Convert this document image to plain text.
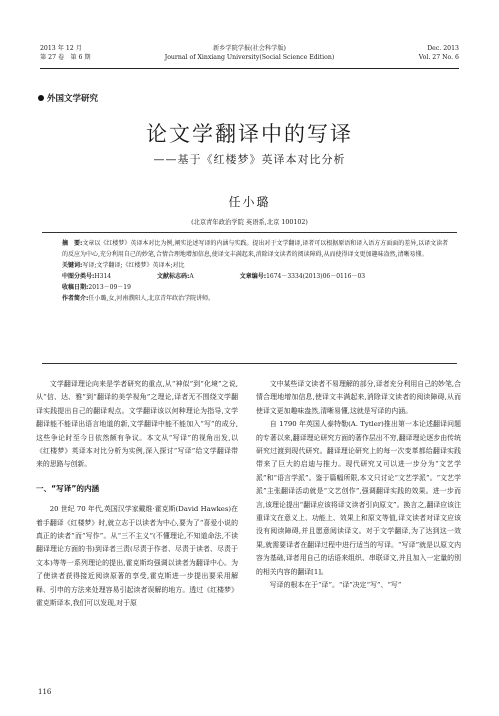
2013 年 12 月
第 27 卷　第 6 期
新乡学院学报(社会科学版)
Journal of Xinxiang University(Social Science Edition)
Dec. 2013
Vol. 27 No. 6
外国文学研究
论文学翻译中的写译
——基于《红楼梦》英译本对比分析
任小璐
(北京青年政治学院 英语系,北京 100102)

摘　要:文章以《红楼梦》英译本对比为例,阐实论述写译的内涵与实践。提出对于文学翻译,译者可以根据原语和译入语方方面面的差异,以译文读者的反应为中心,充分利用自己的妙笔,合情合理地增加信息,使译文丰满起来,消除译文读者的阅读障碍,从而使得译文更加趣味盎然,清晰易懂。

关键词:写译;文学翻译;《红楼梦》英译本;对比

中图分类号:H314	文献标志码:A	文章编号:1674－3334(2013)06－0116－03

收稿日期:2013－09－19

作者简介:任小璐,女,河南濮阳人,北京青年政治学院讲师。

文学翻译理论向来是学者研究的重点,从“神似”到“化境”之说,从“信、达、雅”到“翻译的美学视角”之理论,译者无不围绕文学翻译实践提出自己的翻译观点。文学翻译该以何种理论为指导,文学翻译能不能译出语言地道的新,文学翻译中能不能加入“写”的成分,这些争论时至今日依然颇有争议。本文从“写译”的视角出发,以《红楼梦》英译本对比分析为实例,深入探讨“写译”给文学翻译带来的思路与创新。

一、“写译”的内涵

20 世纪 70 年代,英国汉学家戴维·霍克斯(David Hawkes)在着手翻译《红楼梦》时,就立志于以读者为中心,要为了“喜爱小说的真正的读者”而“写作”。从“三不主义”(不懂理论,不知道命法,不读翻译理论方面的书)到译者三责(尽责于作者、尽责于读者、尽责于文本)等等一系列理论的提出,霍克斯均强调以读者为翻译中心。为了使读者获得接近阅读原著的享受,霍克斯进一步提出要采用解释、引申的方法来处理容易引起读者误解的地方。透过《红楼梦》霍克斯译本,我们可以发现,对于原

文中某些译文读者不易理解的部分,译者充分利用自己的妙笔,合情合理地增加信息,使译文丰满起来,消除译文读者的阅读障碍,从而使译文更加趣味盎然,清晰易懂,这就是写译的内涵。

自 1790 年英国人泰特勒(A. Tytler)推出第一本论述翻译问题的专著以来,翻译理论研究方面的著作层出不穷,翻译理论逐步由传统研究过渡到现代研究。翻译理论研究上的每一次变革都给翻译实践带来了巨大的启迪与推力。现代研究又可以进一步分为“文艺学派”和“语言学派”。鉴于篇幅所限,本文只讨论“文艺学派”。“文艺学派”主张翻译活动就是“文艺创作”,强调翻译实践的效果。进一步而言,该理论提出“翻译应该将译文读者引向原文”。换言之,翻译应该注重译文在意义上、功能上、效果上和原文等值,译文读者对译文应该没有阅读障碍,并且愿意阅读译文。对于文学翻译,为了达到这一效果,就需要译者在翻译过程中进行适当的写译。“写译”就是以原文内容为基础,译者用自己的话语来组织、串联译文,并且加入一定量的别的相关内容的翻译[1]。

写译的根本在于“译”。“译”决定“写”、“写”

116
